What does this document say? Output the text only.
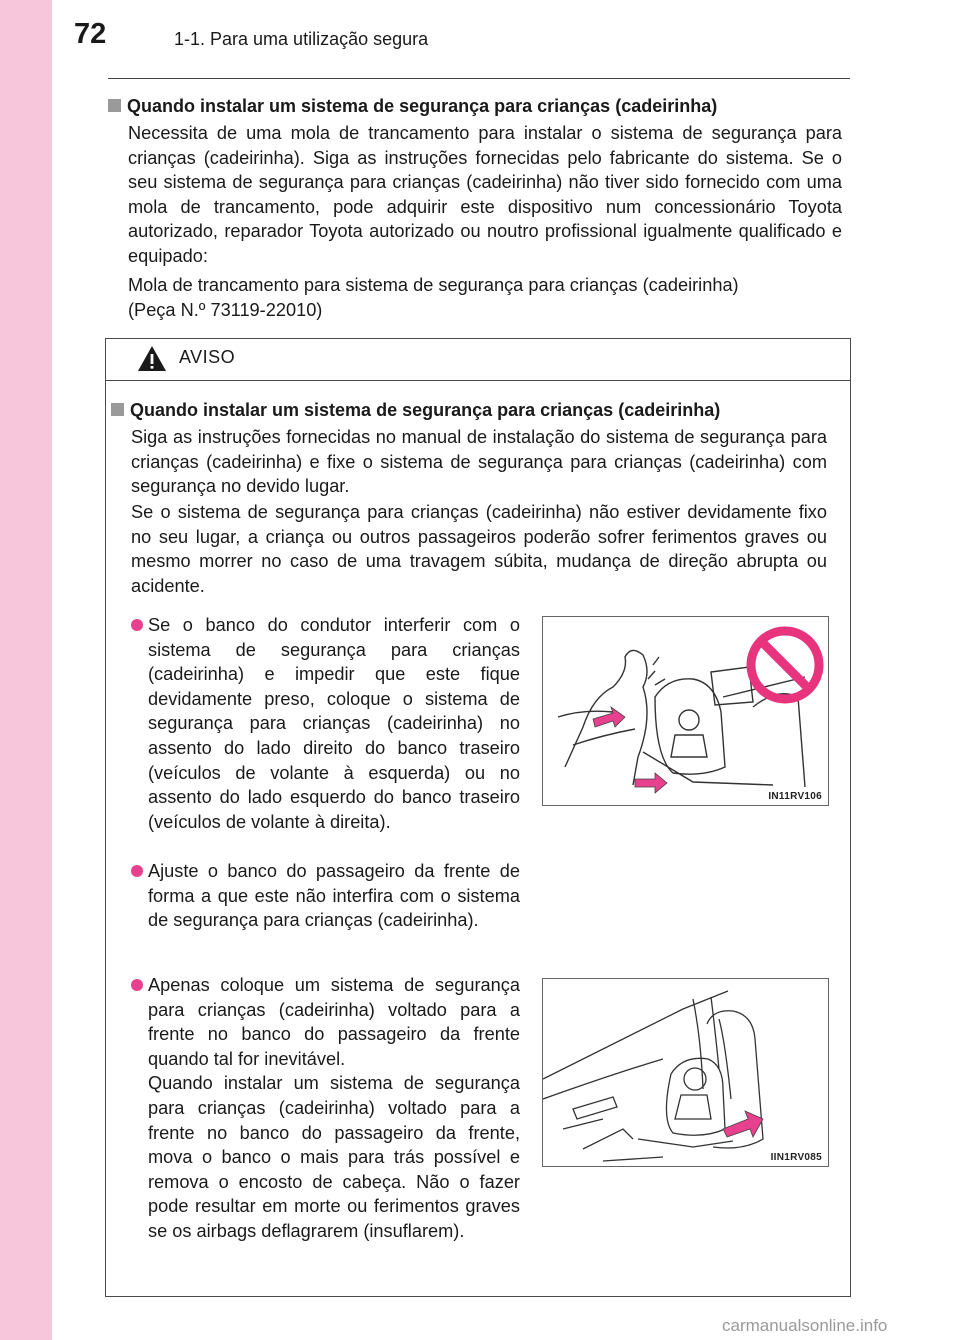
72	1-1. Para uma utilização segura
Quando instalar um sistema de segurança para crianças (cadeirinha)

Necessita de uma mola de trancamento para instalar o sistema de segurança para crianças (cadeirinha). Siga as instruções fornecidas pelo fabricante do sistema. Se o seu sistema de segurança para crianças (cadeirinha) não tiver sido fornecido com uma mola de trancamento, pode adquirir este dispositivo num concessionário Toyota autorizado, reparador Toyota autorizado ou noutro profissional igualmente qualificado e equipado:

Mola de trancamento para sistema de segurança para crianças (cadeirinha)
(Peça N.º 73119-22010)
AVISO
Quando instalar um sistema de segurança para crianças (cadeirinha)

Siga as instruções fornecidas no manual de instalação do sistema de segurança para crianças (cadeirinha) e fixe o sistema de segurança para crianças (cadeirinha) com segurança no devido lugar.

Se o sistema de segurança para crianças (cadeirinha) não estiver devidamente fixo no seu lugar, a criança ou outros passageiros poderão sofrer ferimentos graves ou mesmo morrer no caso de uma travagem súbita, mudança de direção abrupta ou acidente.

Se o banco do condutor interferir com o sistema de segurança para crianças (cadeirinha) e impedir que este fique devidamente preso, coloque o sistema de segurança para crianças (cadeirinha) no assento do lado direito do banco traseiro (veículos de volante à esquerda) ou no assento do lado esquerdo do banco traseiro (veículos de volante à direita).
Ajuste o banco do passageiro da frente de forma a que este não interfira com o sistema de segurança para crianças (cadeirinha).
Apenas coloque um sistema de segurança para crianças (cadeirinha) voltado para a frente no banco do passageiro da frente quando tal for inevitável.
Quando instalar um sistema de segurança para crianças (cadeirinha) voltado para a frente no banco do passageiro da frente, mova o banco o mais para trás possível e remova o encosto de cabeça. Não o fazer pode resultar em morte ou ferimentos graves se os airbags deflagrarem (insuflarem).
IN11RV106
IIN1RV085
carmanualsonline.info
